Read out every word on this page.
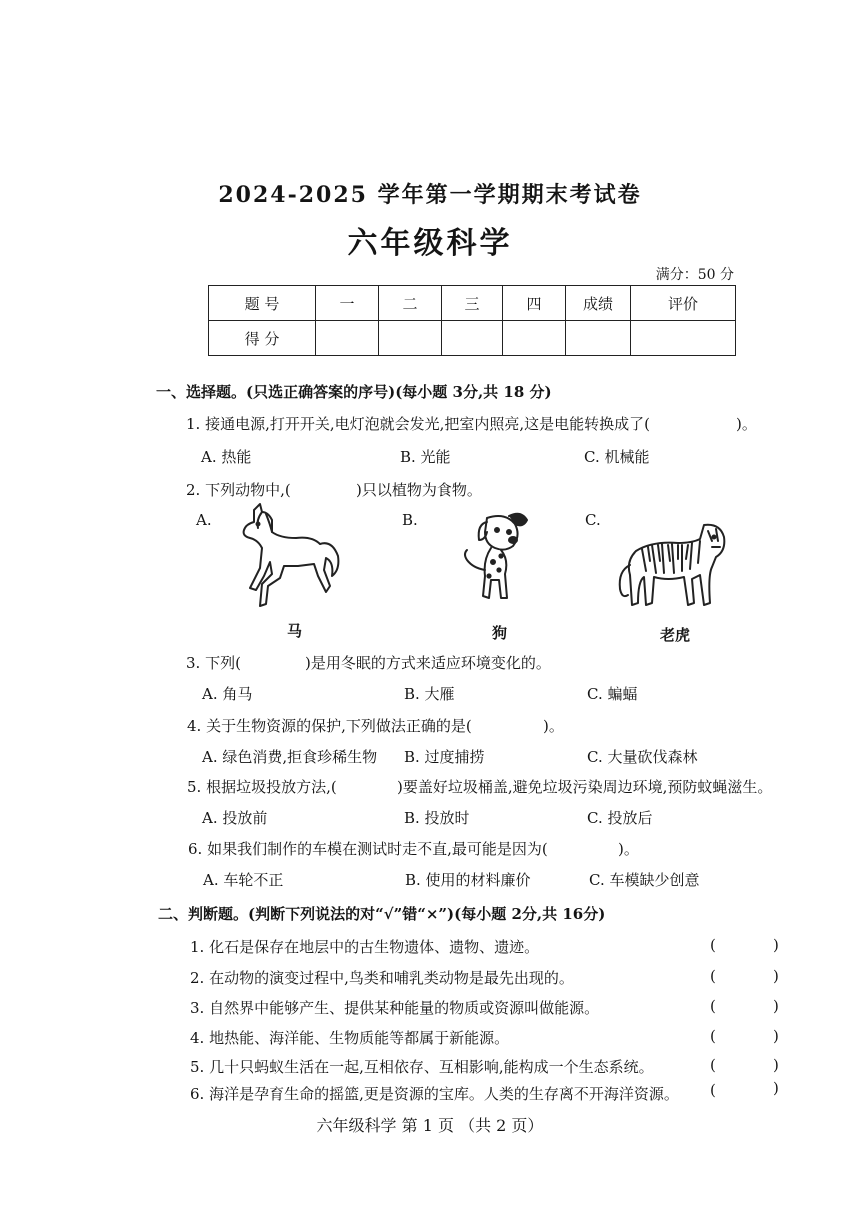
2024-2025 学年第一学期期末考试卷
六年级科学
满分：50 分
题 号	一	二	三	四	成绩	评价
得 分						
一、选择题。(只选正确答案的序号)(每小题 3分,共 18 分)
1. 接通电源,打开开关,电灯泡就会发光,把室内照亮,这是电能转换成了(	)。
A. 热能	B. 光能	C. 机械能
2. 下列动物中,(	)只以植物为食物。
A.	B.	C.
马	狗	老虎
3. 下列(	)是用冬眠的方式来适应环境变化的。
A. 角马	B. 大雁	C. 蝙蝠
4. 关于生物资源的保护,下列做法正确的是(	)。
A. 绿色消费,拒食珍稀生物 B. 过度捕捞	C. 大量砍伐森林
5. 根据垃圾投放方法,(	)要盖好垃圾桶盖,避免垃圾污染周边环境,预防蚊蝇滋生。
A. 投放前	B. 投放时	C. 投放后
6. 如果我们制作的车模在测试时走不直,最可能是因为(	)。
A. 车轮不正	B. 使用的材料廉价	C. 车模缺少创意
二、判断题。(判断下列说法的对“√”错“×”)(每小题 2分,共 16分)
1. 化石是保存在地层中的古生物遗体、遗物、遗迹。	(	)
2. 在动物的演变过程中,鸟类和哺乳类动物是最先出现的。	(	)
3. 自然界中能够产生、提供某种能量的物质或资源叫做能源。	(	)
4. 地热能、海洋能、生物质能等都属于新能源。	(	)
5. 几十只蚂蚁生活在一起,互相依存、互相影响,能构成一个生态系统。	(	)
6. 海洋是孕育生命的摇篮,更是资源的宝库。人类的生存离不开海洋资源。 (	)
六年级科学 第 1 页 （共 2 页）
